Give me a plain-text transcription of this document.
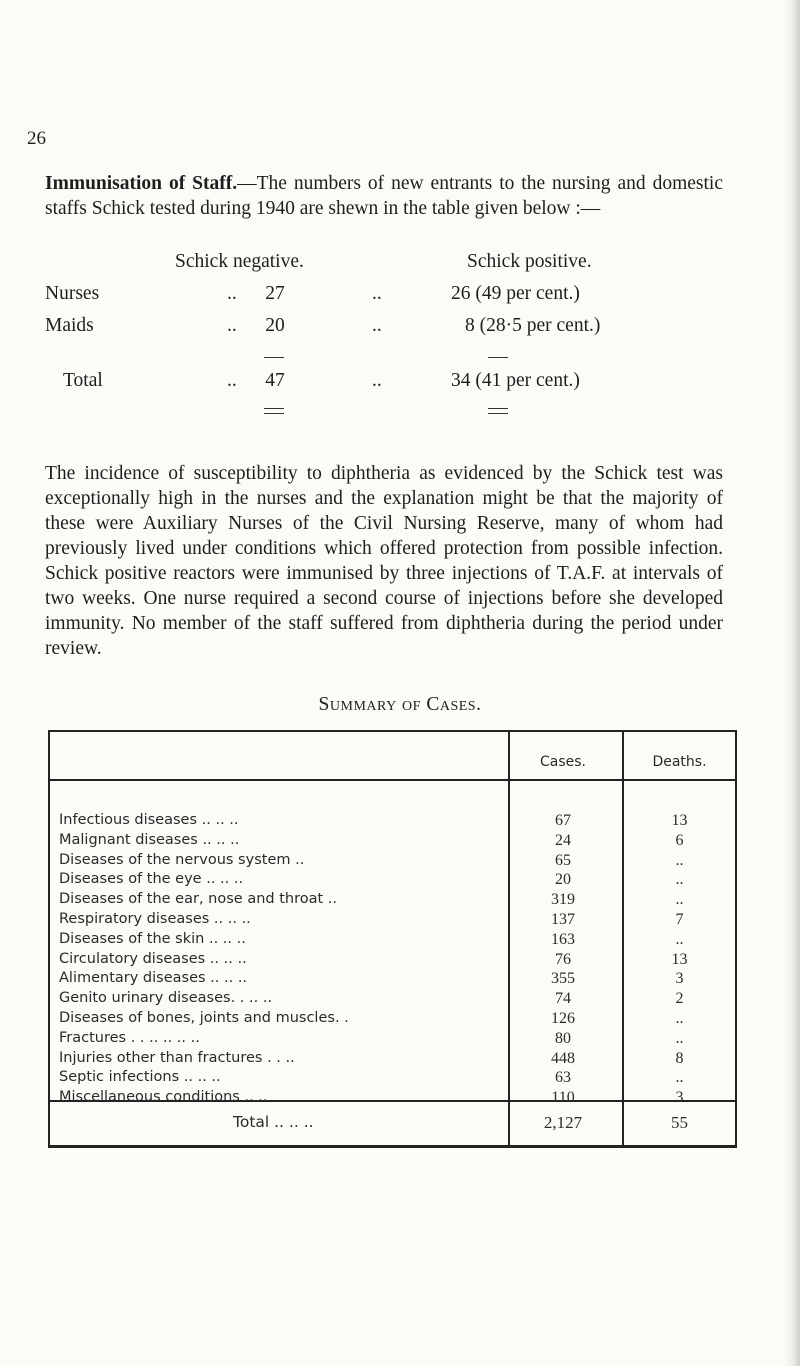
26
Immunisation of Staff.—The numbers of new entrants to the nursing and domestic staffs Schick tested during 1940 are shewn in the table given below :—
Schick negative.	Schick positive.
Nurses	..	27	..	26 (49 per cent.)
Maids	..	20	..	8 (28·5 per cent.)
Total	..	47	..	34 (41 per cent.)
The incidence of susceptibility to diphtheria as evidenced by the Schick test was exceptionally high in the nurses and the explanation might be that the majority of these were Auxiliary Nurses of the Civil Nursing Reserve, many of whom had previously lived under conditions which offered protection from possible infection. Schick positive reactors were immunised by three injections of T.A.F. at intervals of two weeks. One nurse required a second course of injections before she developed immunity. No member of the staff suffered from diphtheria during the period under review.
Summary of Cases.
Cases.	Deaths.
Infectious diseases .. .. ..	67	13
Malignant diseases .. .. ..	24	6
Diseases of the nervous system ..	65	..
Diseases of the eye .. .. ..	20	..
Diseases of the ear, nose and throat ..	319	..
Respiratory diseases .. .. ..	137	7
Diseases of the skin .. .. ..	163	..
Circulatory diseases .. .. ..	76	13
Alimentary diseases .. .. ..	355	3
Genito urinary diseases. . .. ..	74	2
Diseases of bones, joints and muscles. .	126	..
Fractures . . .. .. .. ..	80	..
Injuries other than fractures . . ..	448	8
Septic infections .. .. ..	63	..
Miscellaneous conditions .. ..	110	3
Total .. .. ..	2,127	55
